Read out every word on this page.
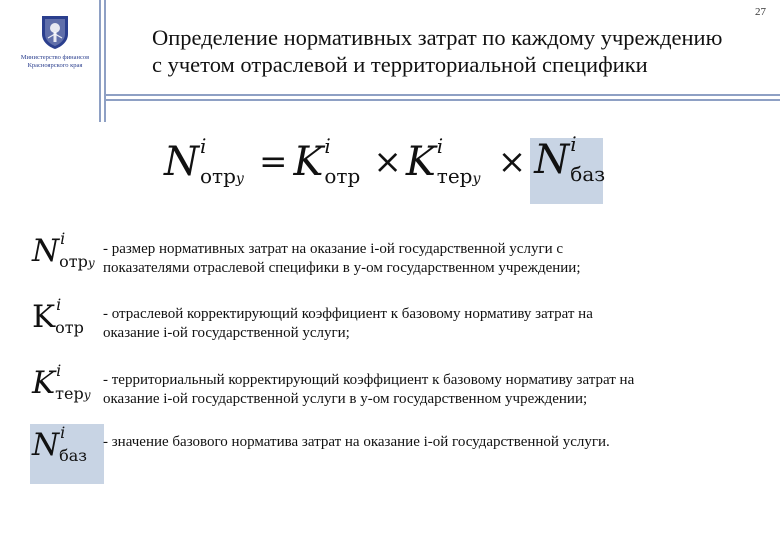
27
Министерство финансов
Красноярского края
Определение нормативных затрат по каждому учреждению
с учетом отраслевой и территориальной специфики
N i
отрy = K i
отр × K i
терy × N i
баз
N i
отрy

- размер нормативных затрат на оказание i-ой государственной услуги с
показателями отраслевой специфики в у-ом государственном учреждении;

K i
отр

- отраслевой корректирующий коэффициент к базовому нормативу затрат на
оказание i-ой государственной услуги;

K i
терy

- территориальный корректирующий коэффициент к базовому нормативу затрат на
оказание i-ой государственной услуги в у-ом государственном учреждении;

N i
баз

- значение базового норматива затрат на оказание i-ой государственной услуги.
